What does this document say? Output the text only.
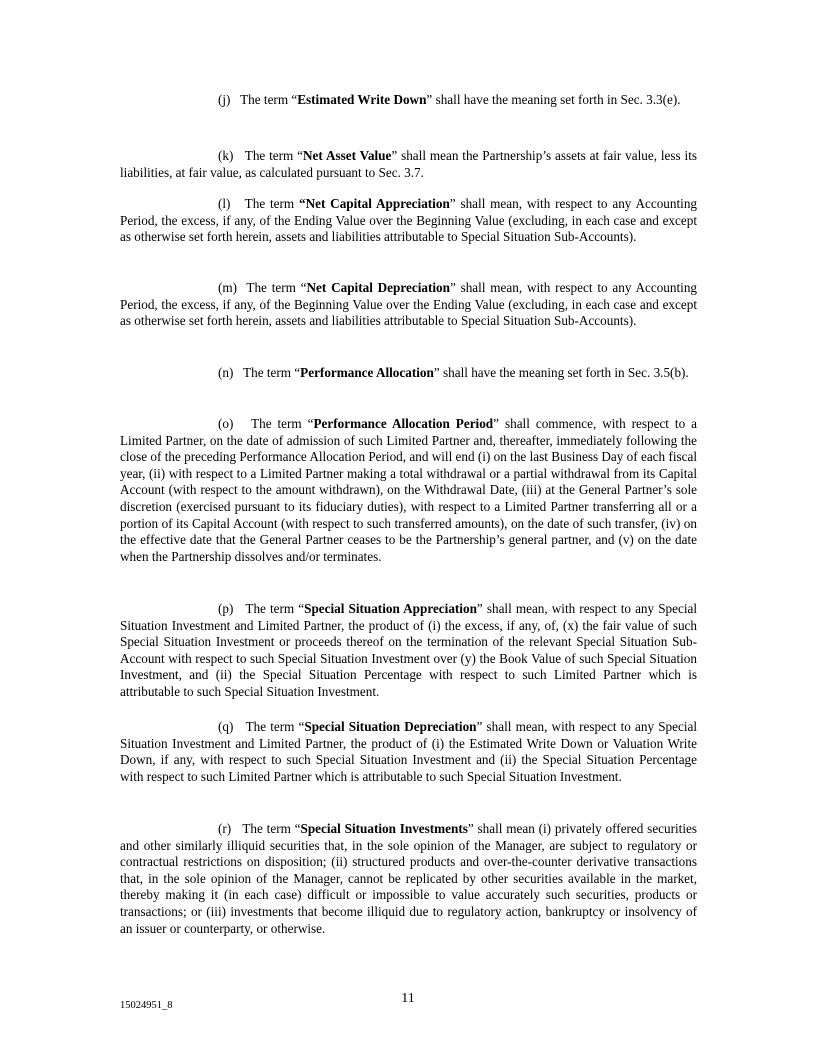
(j) The term “Estimated Write Down” shall have the meaning set forth in Sec. 3.3(e).

(k) The term “Net Asset Value” shall mean the Partnership’s assets at fair value, less its liabilities, at fair value, as calculated pursuant to Sec. 3.7.

(l) The term “Net Capital Appreciation” shall mean, with respect to any Accounting Period, the excess, if any, of the Ending Value over the Beginning Value (excluding, in each case and except as otherwise set forth herein, assets and liabilities attributable to Special Situation Sub-Accounts).

(m) The term “Net Capital Depreciation” shall mean, with respect to any Accounting Period, the excess, if any, of the Beginning Value over the Ending Value (excluding, in each case and except as otherwise set forth herein, assets and liabilities attributable to Special Situation Sub-Accounts).

(n) The term “Performance Allocation” shall have the meaning set forth in Sec. 3.5(b).

(o) The term “Performance Allocation Period” shall commence, with respect to a Limited Partner, on the date of admission of such Limited Partner and, thereafter, immediately following the close of the preceding Performance Allocation Period, and will end (i) on the last Business Day of each fiscal year, (ii) with respect to a Limited Partner making a total withdrawal or a partial withdrawal from its Capital Account (with respect to the amount withdrawn), on the Withdrawal Date, (iii) at the General Partner’s sole discretion (exercised pursuant to its fiduciary duties), with respect to a Limited Partner transferring all or a portion of its Capital Account (with respect to such transferred amounts), on the date of such transfer, (iv) on the effective date that the General Partner ceases to be the Partnership’s general partner, and (v) on the date when the Partnership dissolves and/or terminates.

(p) The term “Special Situation Appreciation” shall mean, with respect to any Special Situation Investment and Limited Partner, the product of (i) the excess, if any, of, (x) the fair value of such Special Situation Investment or proceeds thereof on the termination of the relevant Special Situation Sub-Account with respect to such Special Situation Investment over (y) the Book Value of such Special Situation Investment, and (ii) the Special Situation Percentage with respect to such Limited Partner which is attributable to such Special Situation Investment.

(q) The term “Special Situation Depreciation” shall mean, with respect to any Special Situation Investment and Limited Partner, the product of (i) the Estimated Write Down or Valuation Write Down, if any, with respect to such Special Situation Investment and (ii) the Special Situation Percentage with respect to such Limited Partner which is attributable to such Special Situation Investment.

(r) The term “Special Situation Investments” shall mean (i) privately offered securities and other similarly illiquid securities that, in the sole opinion of the Manager, are subject to regulatory or contractual restrictions on disposition; (ii) structured products and over-the-counter derivative transactions that, in the sole opinion of the Manager, cannot be replicated by other securities available in the market, thereby making it (in each case) difficult or impossible to value accurately such securities, products or transactions; or (iii) investments that become illiquid due to regulatory action, bankruptcy or insolvency of an issuer or counterparty, or otherwise.

15024951_8	11
